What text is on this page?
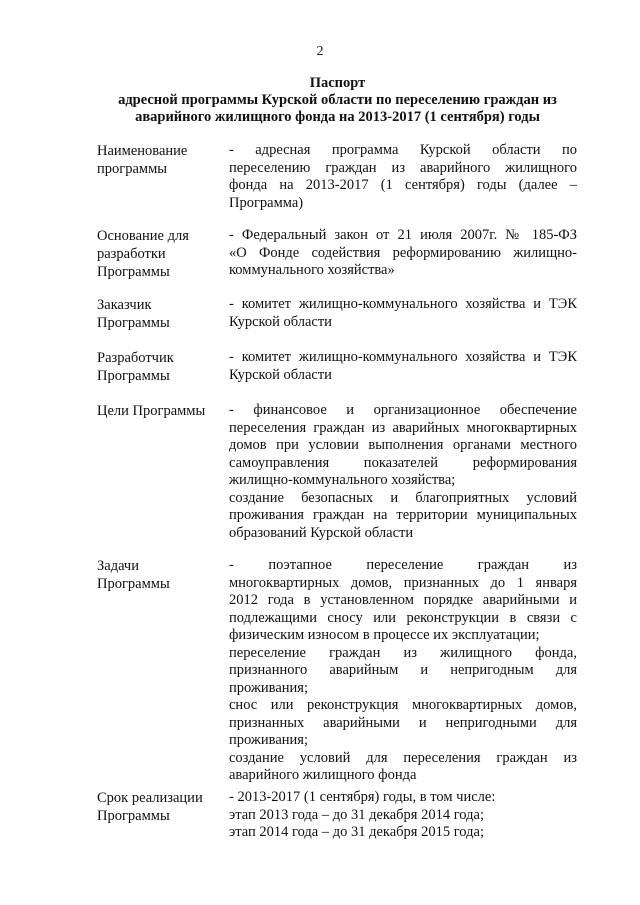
2
Паспорт
адресной программы Курской области по переселению граждан из
аварийного жилищного фонда на 2013-2017 (1 сентября) годы
Наименование
программы
- адресная программа Курской области по
переселению граждан из аварийного жилищного
фонда на 2013-2017 (1 сентября) годы (далее –
Программа)
Основание для
разработки
Программы
- Федеральный закон от 21 июля 2007г. № 185-ФЗ
«О Фонде содействия реформированию жилищно-
коммунального хозяйства»
Заказчик
Программы
- комитет жилищно-коммунального хозяйства и ТЭК
Курской области
Разработчик
Программы
- комитет жилищно-коммунального хозяйства и ТЭК
Курской области
Цели Программы	- финансовое и организационное обеспечение
переселения граждан из аварийных многоквартирных
домов при условии выполнения органами местного
самоуправления показателей реформирования
жилищно-коммунального хозяйства;
создание безопасных и благоприятных условий
проживания граждан на территории муниципальных
образований Курской области
Задачи
Программы
- поэтапное переселение граждан из
многоквартирных домов, признанных до 1 января
2012 года в установленном порядке аварийными и
подлежащими сносу или реконструкции в связи с
физическим износом в процессе их эксплуатации;
переселение граждан из жилищного фонда,
признанного аварийным и непригодным для
проживания;
снос или реконструкция многоквартирных домов,
признанных аварийными и непригодными для
проживания;
создание условий для переселения граждан из
аварийного жилищного фонда
Срок реализации
Программы
- 2013-2017 (1 сентября) годы, в том числе:
этап 2013 года – до 31 декабря 2014 года;
этап 2014 года – до 31 декабря 2015 года;
